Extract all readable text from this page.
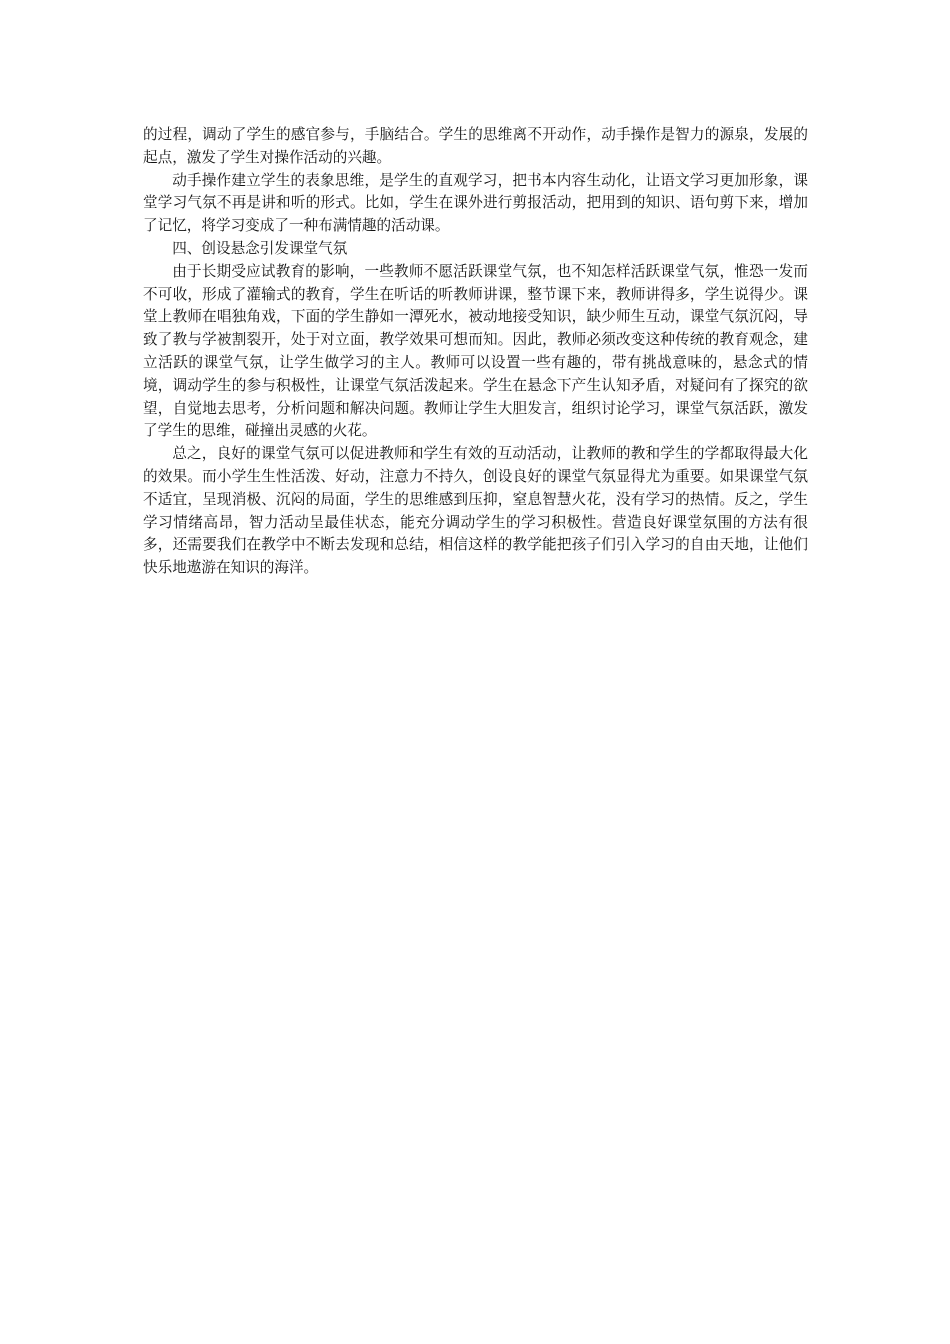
的过程，调动了学生的感官参与，手脑结合。学生的思维离不开动作，动手操作是智力的源泉，发展的起点，激发了学生对操作活动的兴趣。

动手操作建立学生的表象思维，是学生的直观学习，把书本内容生动化，让语文学习更加形象，课堂学习气氛不再是讲和听的形式。比如，学生在课外进行剪报活动，把用到的知识、语句剪下来，增加了记忆，将学习变成了一种布满情趣的活动课。

四、创设悬念引发课堂气氛

由于长期受应试教育的影响，一些教师不愿活跃课堂气氛，也不知怎样活跃课堂气氛，惟恐一发而不可收，形成了灌输式的教育，学生在听话的听教师讲课，整节课下来，教师讲得多，学生说得少。课堂上教师在唱独角戏，下面的学生静如一潭死水，被动地接受知识，缺少师生互动，课堂气氛沉闷，导致了教与学被割裂开，处于对立面，教学效果可想而知。因此，教师必须改变这种传统的教育观念，建立活跃的课堂气氛，让学生做学习的主人。教师可以设置一些有趣的，带有挑战意味的，悬念式的情境，调动学生的参与积极性，让课堂气氛活泼起来。学生在悬念下产生认知矛盾，对疑问有了探究的欲望，自觉地去思考，分析问题和解决问题。教师让学生大胆发言，组织讨论学习，课堂气氛活跃，激发了学生的思维，碰撞出灵感的火花。

总之，良好的课堂气氛可以促进教师和学生有效的互动活动，让教师的教和学生的学都取得最大化的效果。而小学生生性活泼、好动，注意力不持久，创设良好的课堂气氛显得尤为重要。如果课堂气氛不适宜，呈现消极、沉闷的局面，学生的思维感到压抑，窒息智慧火花，没有学习的热情。反之，学生学习情绪高昂，智力活动呈最佳状态，能充分调动学生的学习积极性。营造良好课堂氛围的方法有很多，还需要我们在教学中不断去发现和总结，相信这样的教学能把孩子们引入学习的自由天地，让他们快乐地遨游在知识的海洋。
